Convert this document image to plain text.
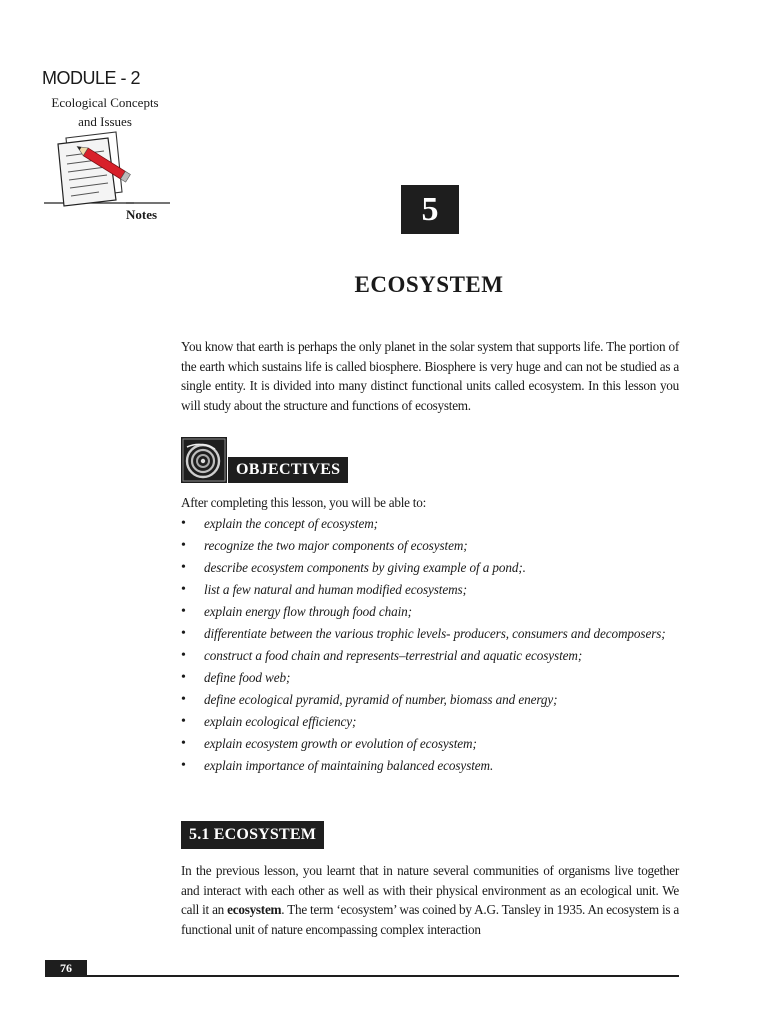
MODULE - 2
Ecological Concepts
and Issues
Notes	5
ECOSYSTEM

You know that earth is perhaps the only planet in the solar system that supports life. The portion of the earth which sustains life is called biosphere. Biosphere is very huge and can not be studied as a single entity. It is divided into many distinct functional units called ecosystem. In this lesson you will study about the structure and functions of ecosystem.

OBJECTIVES
After completing this lesson, you will be able to:
• explain the concept of ecosystem;
• recognize the two major components of ecosystem;
• describe ecosystem components by giving example of a pond;.
• list a few natural and human modified ecosystems;
• explain energy flow through food chain;
• differentiate between the various trophic levels- producers, consumers and decomposers;
• construct a food chain and represents–terrestrial and aquatic ecosystem;
• define food web;
• define ecological pyramid, pyramid of number, biomass and energy;
• explain ecological efficiency;
• explain ecosystem growth or evolution of ecosystem;
• explain importance of maintaining balanced ecosystem.
5.1 ECOSYSTEM

In the previous lesson, you learnt that in nature several communities of organisms live together and interact with each other as well as with their physical environment as an ecological unit. We call it an ecosystem. The term ‘ecosystem’ was coined by A.G. Tansley in 1935. An ecosystem is a functional unit of nature encompassing complex interaction

76
